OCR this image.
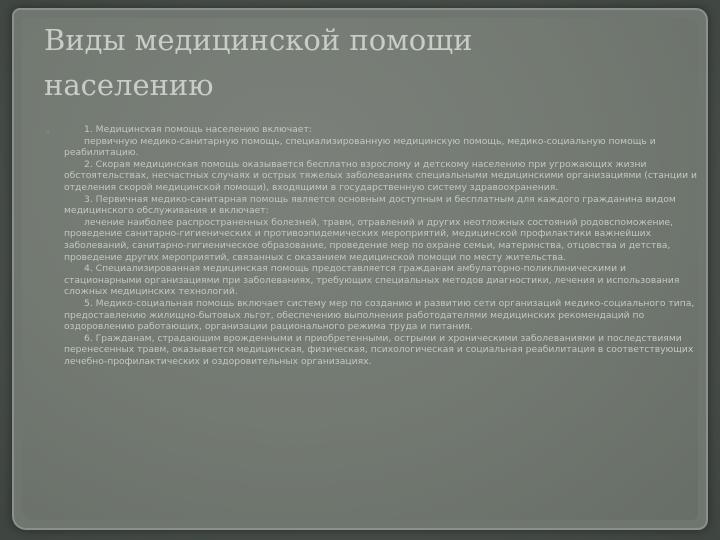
Виды медицинской помощи
населению
◦	1. Медицинская помощь населению включает:

первичную медико-санитарную помощь, специализированную медицинскую помощь, медико-социальную помощь и реабилитацию.

2. Скорая медицинская помощь оказывается бесплатно взрослому и детскому населению при угрожающих жизни обстоятельствах, несчастных случаях и острых тяжелых заболеваниях специальными медицинскими организациями (станции и отделения скорой медицинской помощи), входящими в государственную систему здравоохранения.

3. Первичная медико-санитарная помощь является основным доступным и бесплатным для каждого гражданина видом медицинского обслуживания и включает:

лечение наиболее распространенных болезней, травм, отравлений и других неотложных состояний родовспоможение, проведение санитарно-гигиенических и противоэпидемических мероприятий, медицинской профилактики важнейших заболеваний, санитарно-гигиеническое образование, проведение мер по охране семьи, материнства, отцовства и детства, проведение других мероприятий, связанных с оказанием медицинской помощи по месту жительства.

4. Специализированная медицинская помощь предоставляется гражданам амбулаторно-поликлиническими и стационарными организациями при заболеваниях, требующих специальных методов диагностики, лечения и использования сложных медицинских технологий.

5. Медико-социальная помощь включает систему мер по созданию и развитию сети организаций медико-социального типа, предоставлению жилищно-бытовых льгот, обеспечению выполнения работодателями медицинских рекомендаций по оздоровлению работающих, организации рационального режима труда и питания.

6. Гражданам, страдающим врожденными и приобретенными, острыми и хроническими заболеваниями и последствиями перенесенных травм, оказывается медицинская, физическая, психологическая и социальная реабилитация в соответствующих лечебно-профилактических и оздоровительных организациях.
